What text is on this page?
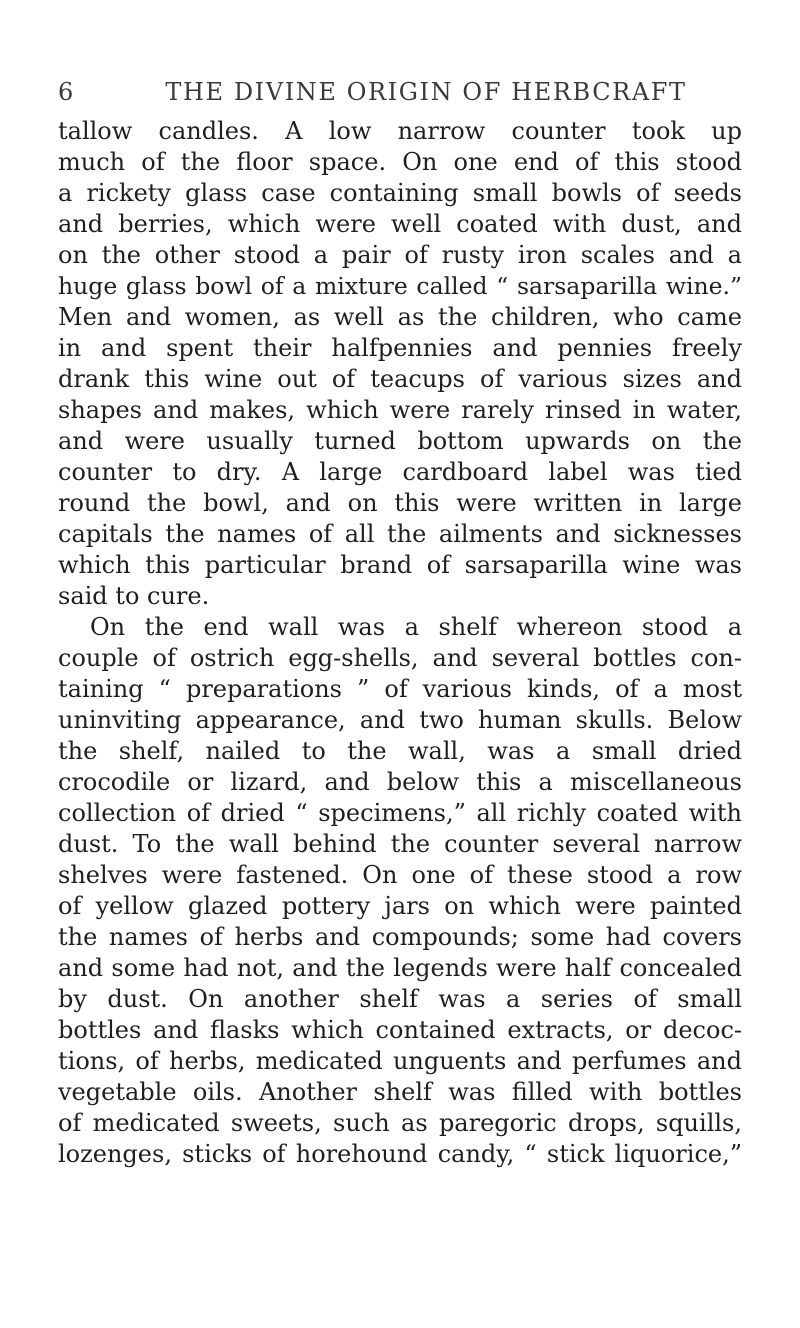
6	THE DIVINE ORIGIN OF HERBCRAFT
tallow candles. A low narrow counter took up
much of the floor space. On one end of this stood
a rickety glass case containing small bowls of seeds
and berries, which were well coated with dust, and
on the other stood a pair of rusty iron scales and a
huge glass bowl of a mixture called “ sarsaparilla wine.”
Men and women, as well as the children, who came
in and spent their halfpennies and pennies freely
drank this wine out of teacups of various sizes and
shapes and makes, which were rarely rinsed in water,
and were usually turned bottom upwards on the
counter to dry. A large cardboard label was tied
round the bowl, and on this were written in large
capitals the names of all the ailments and sicknesses
which this particular brand of sarsaparilla wine was
said to cure.
On the end wall was a shelf whereon stood a
couple of ostrich egg-shells, and several bottles con-
taining “ preparations ” of various kinds, of a most
uninviting appearance, and two human skulls. Below
the shelf, nailed to the wall, was a small dried
crocodile or lizard, and below this a miscellaneous
collection of dried “ specimens,” all richly coated with
dust. To the wall behind the counter several narrow
shelves were fastened. On one of these stood a row
of yellow glazed pottery jars on which were painted
the names of herbs and compounds; some had covers
and some had not, and the legends were half concealed
by dust. On another shelf was a series of small
bottles and flasks which contained extracts, or decoc-
tions, of herbs, medicated unguents and perfumes and
vegetable oils. Another shelf was filled with bottles
of medicated sweets, such as paregoric drops, squills,
lozenges, sticks of horehound candy, “ stick liquorice,”
